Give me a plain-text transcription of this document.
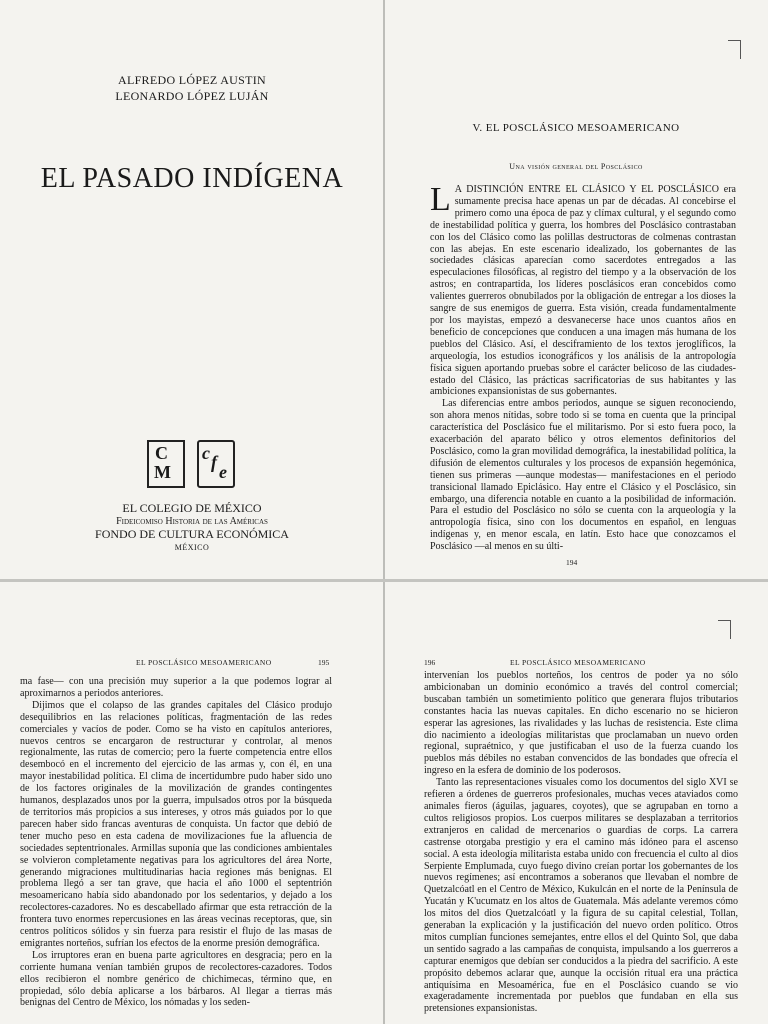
ALFREDO LÓPEZ AUSTIN
LEONARDO LÓPEZ LUJÁN
EL PASADO INDÍGENA
C
M

c f e
EL COLEGIO DE MÉXICO
Fideicomiso Historia de las Américas
FONDO DE CULTURA ECONÓMICA
MÉXICO
V. EL POSCLÁSICO MESOAMERICANO
Una visión general del Posclásico

L A DISTINCIÓN ENTRE EL CLÁSICO Y EL POSCLÁSICO era sumamente precisa hace apenas un par de décadas. Al concebirse el primero como una época de paz y clímax cultural, y el segundo como de inestabilidad política y guerra, los hombres del Posclásico contrastaban con los del Clásico como las polillas destructoras de colmenas contrastan con las abejas. En este escenario idealizado, los gobernantes de las sociedades clásicas aparecían como sacerdotes entregados a las especulaciones filosóficas, al registro del tiempo y a la observación de los astros; en contrapartida, los líderes posclásicos eran concebidos como valientes guerreros obnubilados por la obligación de entregar a los dioses la sangre de sus enemigos de guerra. Esta visión, creada fundamentalmente por los mayistas, empezó a desvanecerse hace unos cuantos años en beneficio de concepciones que conducen a una imagen más humana de los pueblos del Clásico. Así, el desciframiento de los textos jeroglíficos, la arqueología, los estudios iconográficos y los análisis de la antropología física siguen aportando pruebas sobre el carácter belicoso de las ciudades-estado del Clásico, las prácticas sacrificatorias de sus habitantes y las ambiciones expansionistas de sus gobernantes.

Las diferencias entre ambos periodos, aunque se siguen reconociendo, son ahora menos nítidas, sobre todo si se toma en cuenta que la principal característica del Posclásico fue el militarismo. Por si esto fuera poco, la exacerbación del aparato bélico y otros elementos definitorios del Posclásico, como la gran movilidad demográfica, la inestabilidad política, la difusión de elementos culturales y los procesos de expansión hegemónica, tienen sus primeras —aunque modestas— manifestaciones en el periodo transicional llamado Epiclásico. Hay entre el Clásico y el Posclásico, sin embargo, una diferencia notable en cuanto a la posibilidad de información. Para el estudio del Posclásico no sólo se cuenta con la arqueología y la antropología física, sino con los documentos en español, en lenguas indígenas y, en menor escala, en latín. Esto hace que conozcamos el Posclásico —al menos en su últi-

194
EL POSCLÁSICO MESOAMERICANO	195

ma fase— con una precisión muy superior a la que podemos lograr al aproximarnos a periodos anteriores.

Dijimos que el colapso de las grandes capitales del Clásico produjo desequilibrios en las relaciones políticas, fragmentación de las redes comerciales y vacíos de poder. Como se ha visto en capítulos anteriores, nuevos centros se encargaron de restructurar y controlar, al menos regionalmente, las rutas de comercio; pero la fuerte competencia entre ellos desembocó en el incremento del ejercicio de las armas y, con él, en una mayor inestabilidad política. El clima de incertidumbre pudo haber sido uno de los factores originales de la movilización de grandes contingentes humanos, desplazados unos por la guerra, impulsados otros por la búsqueda de territorios más propicios a sus intereses, y otros más guiados por lo que parecen haber sido francas aventuras de conquista. Un factor que debió de tener mucho peso en esta cadena de movilizaciones fue la afluencia de sociedades septentrionales. Armillas suponía que las condiciones ambientales se volvieron completamente negativas para los agricultores del área Norte, generando migraciones multitudinarias hacia regiones más benignas. El problema llegó a ser tan grave, que hacia el año 1000 el septentrión mesoamericano había sido abandonado por los sedentarios, y dejado a los recolectores-cazadores. No es descabellado afirmar que esta retracción de la frontera tuvo enormes repercusiones en las áreas vecinas receptoras, que, sin centros políticos sólidos y sin fuerza para resistir el flujo de las masas de emigrantes norteños, sufrían los efectos de la enorme presión demográfica.

Los irruptores eran en buena parte agricultores en desgracia; pero en la corriente humana venían también grupos de recolectores-cazadores. Todos ellos recibieron el nombre genérico de chichimecas, término que, en propiedad, sólo debía aplicarse a los bárbaros. Al llegar a tierras más benignas del Centro de México, los nómadas y los seden-

196	EL POSCLÁSICO MESOAMERICANO

intervenían los pueblos norteños, los centros de poder ya no sólo ambicionaban un dominio económico a través del control comercial; buscaban también un sometimiento político que generara flujos tributarios constantes hacia las nuevas capitales. En dicho escenario no se hicieron esperar las agresiones, las rivalidades y las luchas de resistencia. Este clima dio nacimiento a ideologías militaristas que proclamaban un nuevo orden regional, supraétnico, y que justificaban el uso de la fuerza cuando los pueblos más débiles no estaban convencidos de las bondades que ofrecía el ingreso en la esfera de dominio de los poderosos.

Tanto las representaciones visuales como los documentos del siglo XVI se refieren a órdenes de guerreros profesionales, muchas veces ataviados como animales fieros (águilas, jaguares, coyotes), que se agrupaban en torno a cultos religiosos propios. Los cuerpos militares se desplazaban a territorios extranjeros en calidad de mercenarios o guardias de corps. La carrera castrense otorgaba prestigio y era el camino más idóneo para el ascenso social. A esta ideología militarista estaba unido con frecuencia el culto al dios Serpiente Emplumada, cuyo fuego divino creían portar los gobernantes de los nuevos regímenes; así encontramos a soberanos que llevaban el nombre de Quetzalcóatl en el Centro de México, Kukulcán en el norte de la Península de Yucatán y K'ucumatz en los altos de Guatemala. Más adelante veremos cómo los mitos del dios Quetzalcóatl y la figura de su capital celestial, Tollan, generaban la explicación y la justificación del nuevo orden político. Otros mitos cumplían funciones semejantes, entre ellos el del Quinto Sol, que daba un sentido sagrado a las campañas de conquista, impulsando a los guerreros a capturar enemigos que debían ser conducidos a la piedra del sacrificio. A este propósito debemos aclarar que, aunque la occisión ritual era una práctica antiquísima en Mesoamérica, fue en el Posclásico cuando se vio exageradamente incrementada por pueblos que fundaban en ella sus pretensiones expansionistas.
